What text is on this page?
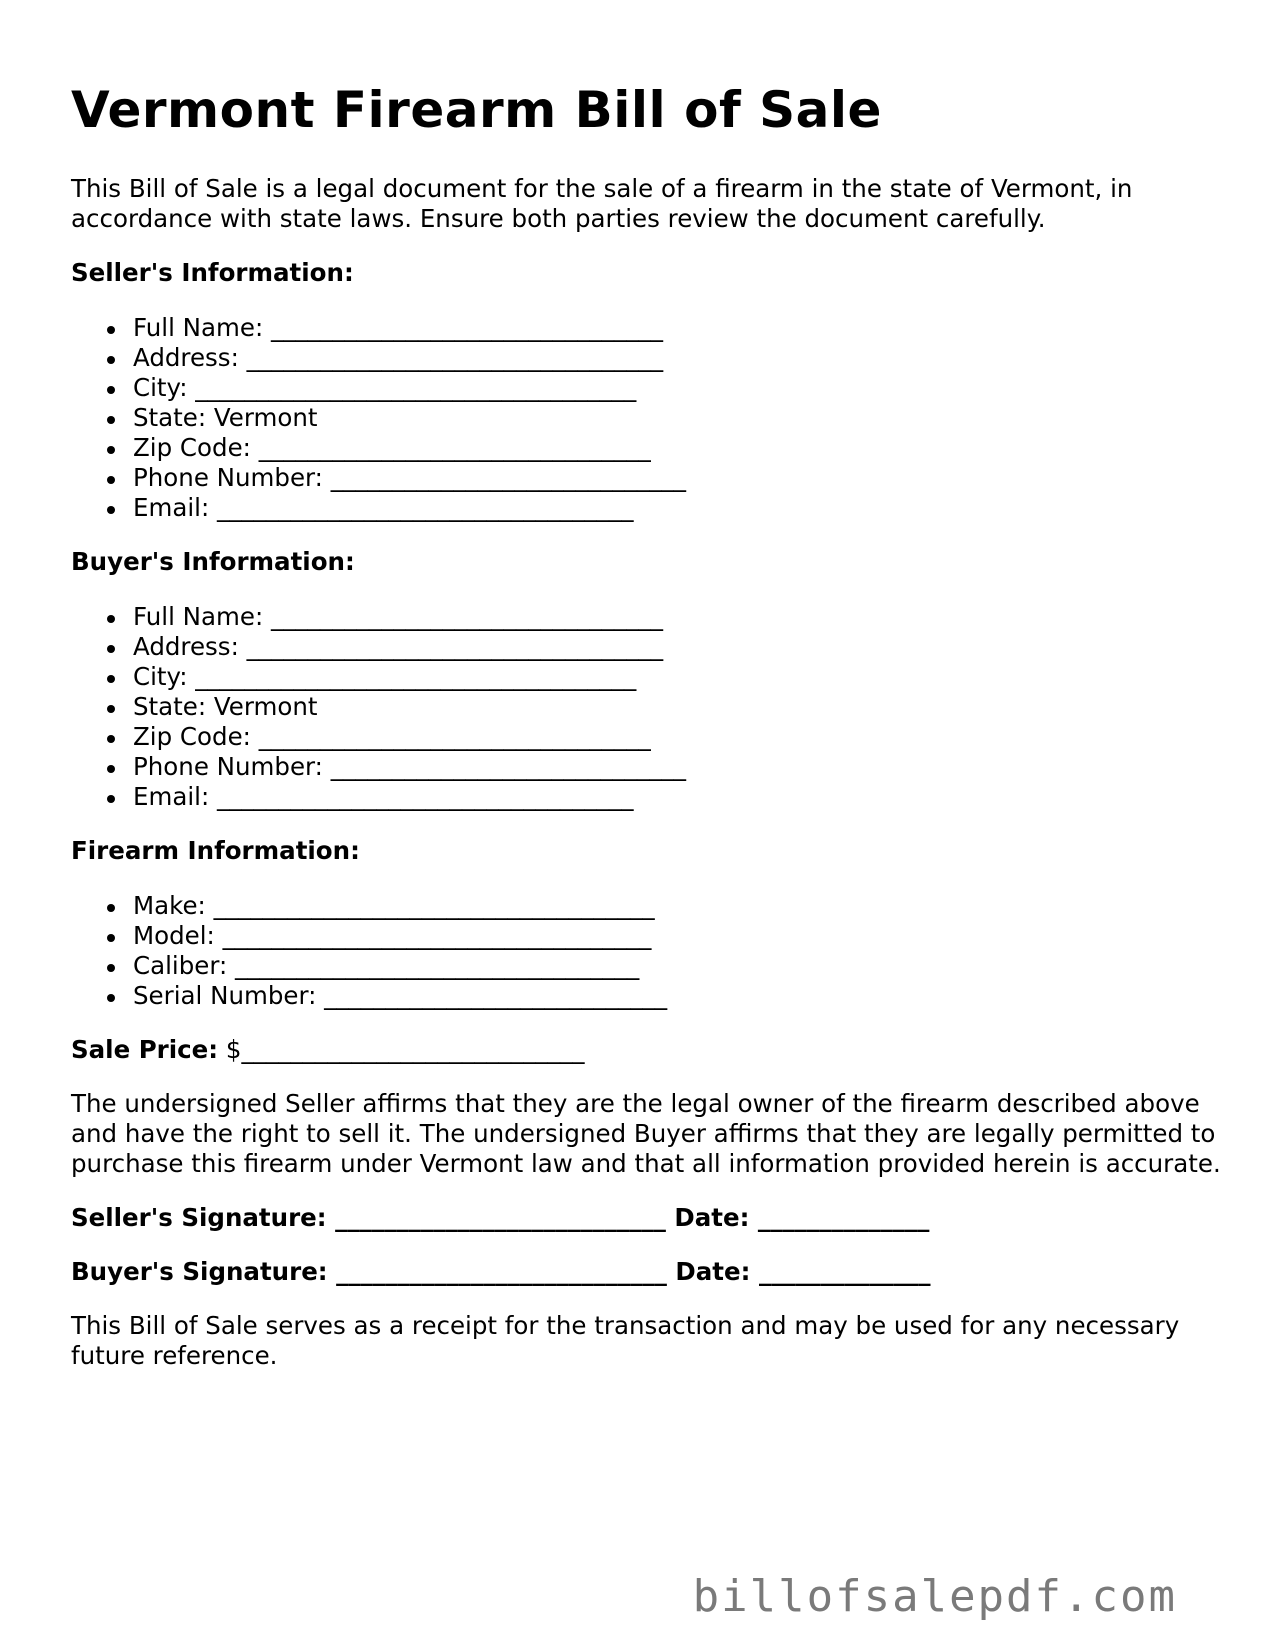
Vermont Firearm Bill of Sale

This Bill of Sale is a legal document for the sale of a firearm in the state of Vermont, in accordance with state laws. Ensure both parties review the document carefully.

Seller's Information:
Full Name: ________________________________
Address: __________________________________
City: ____________________________________
State: Vermont
Zip Code: ________________________________
Phone Number: _____________________________
Email: __________________________________
Buyer's Information:
Full Name: ________________________________
Address: __________________________________
City: ____________________________________
State: Vermont
Zip Code: ________________________________
Phone Number: _____________________________
Email: __________________________________
Firearm Information:
Make: ____________________________________
Model: ___________________________________
Caliber: _________________________________
Serial Number: ____________________________
Sale Price: $____________________________

The undersigned Seller affirms that they are the legal owner of the firearm described above and have the right to sell it. The undersigned Buyer affirms that they are legally permitted to purchase this firearm under Vermont law and that all information provided herein is accurate.

Seller's Signature: ___________________________ Date: ______________
Buyer's Signature: ___________________________ Date: ______________

This Bill of Sale serves as a receipt for the transaction and may be used for any necessary future reference.

billofsalepdf.com
